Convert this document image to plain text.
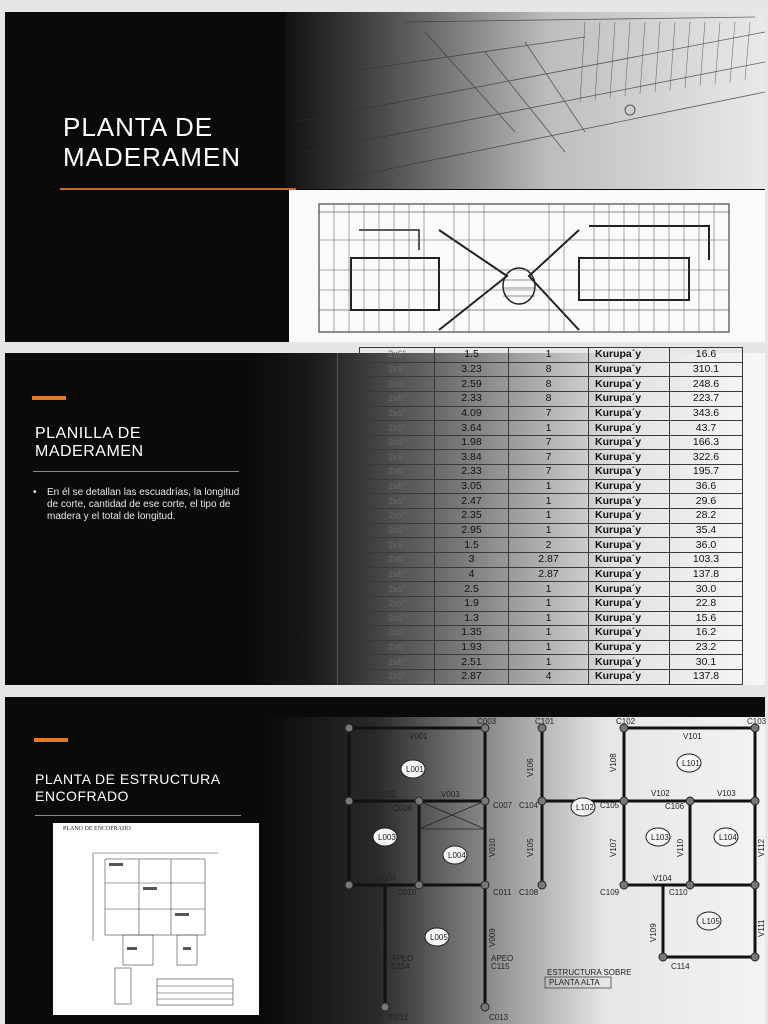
PLANTA DE
MADERAMEN
2x6"	1.5	1	Kurupa´y	16.6
2x6"	3.23	8	Kurupa´y	310.1
2x6"	2.59	8	Kurupa´y	248.6
2x6"	2.33	8	Kurupa´y	223.7
2x6"	4.09	7	Kurupa´y	343.6
2x6"	3.64	1	Kurupa´y	43.7
2x6"	1.98	7	Kurupa´y	166.3
2x6"	3.84	7	Kurupa´y	322.6
2x6"	2.33	7	Kurupa´y	195.7
2x6"	3.05	1	Kurupa´y	36.6
2x6"	2.47	1	Kurupa´y	29.6
2x6"	2.35	1	Kurupa´y	28.2
2x6"	2.95	1	Kurupa´y	35.4
2x6"	1.5	2	Kurupa´y	36.0
2x6"	3	2.87	Kurupa´y	103.3
2x6"	4	2.87	Kurupa´y	137.8
2x6"	2.5	1	Kurupa´y	30.0
2x6"	1.9	1	Kurupa´y	22.8
2x6"	1.3	1	Kurupa´y	15.6
2x6"	1.35	1	Kurupa´y	16.2
2x6"	1.93	1	Kurupa´y	23.2
2x6"	2.51	1	Kurupa´y	30.1
2x6"	2.87	4	Kurupa´y	137.8
PLANILLA DE
MADERAMEN
•	En él se detallan las escuadrías, la longitud de corte, cantidad de ese corte, el tipo de madera y el total de longitud.
C002	C003	C101	C102	C103
V001	V101
L001
L101
V002	V003
C006	C007
V102	V103
C105	C106
C104	L102
L003
L004
L103	L104
V004
C010	C011 C108	C109
V104
C110
L005
L105
APEO
C114
APEO
C115
C012	C013
C114
V106
V105
V108
V107	V110	V112
V111
V109
V010
V007	V009
ESTRUCTURA SOBRE
PLANTA ALTA
PLANTA DE ESTRUCTURA
ENCOFRADO
PLANO DE ENCOFRADO
